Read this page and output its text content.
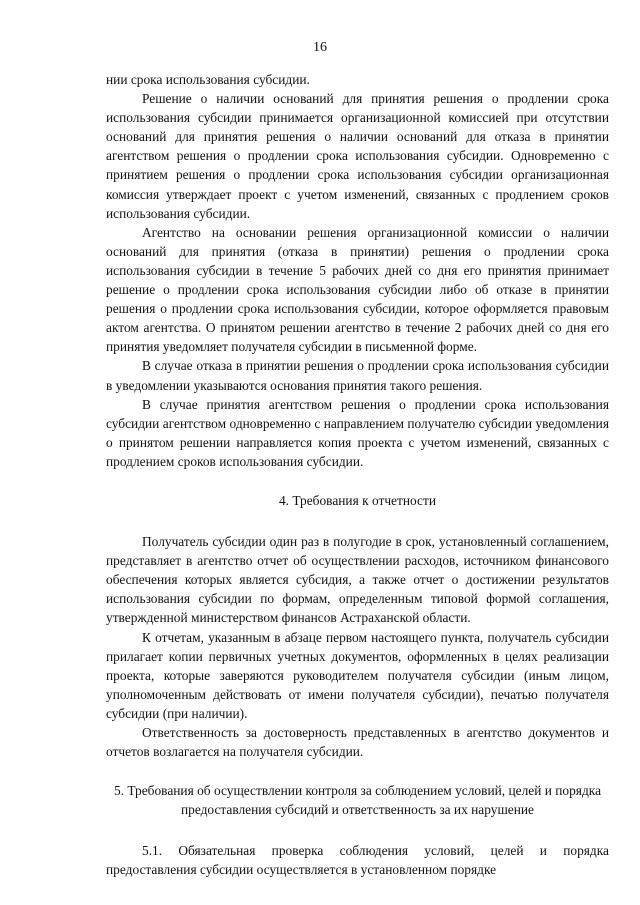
16

нии срока использования субсидии.

Решение о наличии оснований для принятия решения о продлении срока использования субсидии принимается организационной комиссией при отсутствии оснований для принятия решения о наличии оснований для отказа в принятии агентством решения о продлении срока использования субсидии. Одновременно с принятием решения о продлении срока использования субсидии организационная комиссия утверждает проект с учетом изменений, связанных с продлением сроков использования субсидии.

Агентство на основании решения организационной комиссии о наличии оснований для принятия (отказа в принятии) решения о продлении срока использования субсидии в течение 5 рабочих дней со дня его принятия принимает решение о продлении срока использования субсидии либо об отказе в принятии решения о продлении срока использования субсидии, которое оформляется правовым актом агентства. О принятом решении агентство в течение 2 рабочих дней со дня его принятия уведомляет получателя субсидии в письменной форме.

В случае отказа в принятии решения о продлении срока использования субсидии в уведомлении указываются основания принятия такого решения.

В случае принятия агентством решения о продлении срока использования субсидии агентством одновременно с направлением получателю субсидии уведомления о принятом решении направляется копия проекта с учетом изменений, связанных с продлением сроков использования субсидии.

4. Требования к отчетности

Получатель субсидии один раз в полугодие в срок, установленный соглашением, представляет в агентство отчет об осуществлении расходов, источником финансового обеспечения которых является субсидия, а также отчет о достижении результатов использования субсидии по формам, определенным типовой формой соглашения, утвержденной министерством финансов Астраханской области.

К отчетам, указанным в абзаце первом настоящего пункта, получатель субсидии прилагает копии первичных учетных документов, оформленных в целях реализации проекта, которые заверяются руководителем получателя субсидии (иным лицом, уполномоченным действовать от имени получателя субсидии), печатью получателя субсидии (при наличии).

Ответственность за достоверность представленных в агентство документов и отчетов возлагается на получателя субсидии.

5. Требования об осуществлении контроля за соблюдением условий, целей и порядка предоставления субсидий и ответственность за их нарушение

5.1. Обязательная проверка соблюдения условий, целей и порядка предоставления субсидии осуществляется в установленном порядке
